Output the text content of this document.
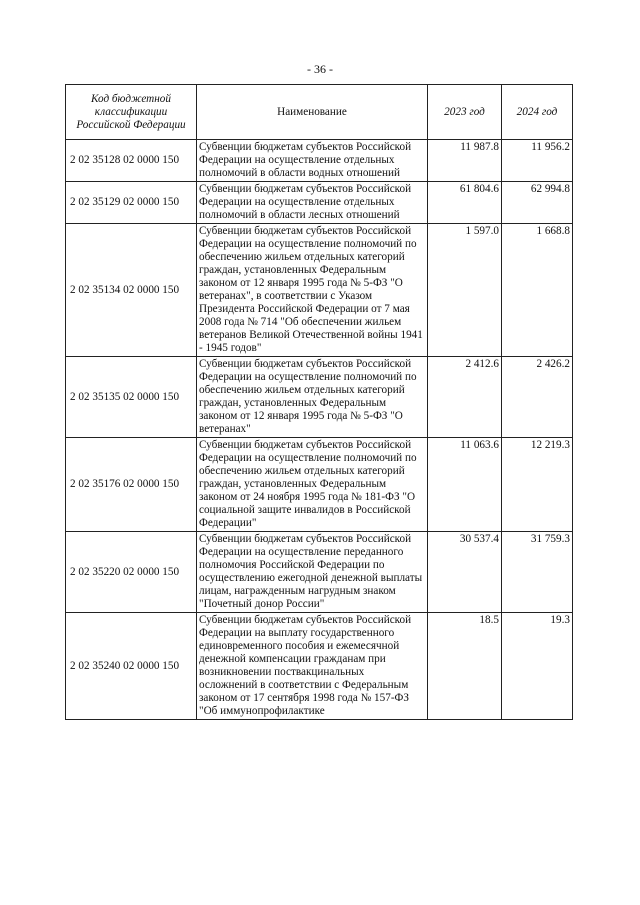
- 36 -
Код бюджетной классификации Российской Федерации	Наименование	2023 год	2024 год
2 02 35128 02 0000 150	Субвенции бюджетам субъектов Российской Федерации на осуществление отдельных полномочий в области водных отношений	11 987.8	11 956.2
2 02 35129 02 0000 150	Субвенции бюджетам субъектов Российской Федерации на осуществление отдельных полномочий в области лесных отношений	61 804.6	62 994.8
2 02 35134 02 0000 150	Субвенции бюджетам субъектов Российской Федерации на осуществление полномочий по обеспечению жильем отдельных категорий граждан, установленных Федеральным законом от 12 января 1995 года № 5-ФЗ "О ветеранах", в соответствии с Указом Президента Российской Федерации от 7 мая 2008 года № 714 "Об обеспечении жильем ветеранов Великой Отечественной войны 1941 - 1945 годов"	1 597.0	1 668.8
2 02 35135 02 0000 150	Субвенции бюджетам субъектов Российской Федерации на осуществление полномочий по обеспечению жильем отдельных категорий граждан, установленных Федеральным законом от 12 января 1995 года № 5-ФЗ "О ветеранах"	2 412.6	2 426.2
2 02 35176 02 0000 150	Субвенции бюджетам субъектов Российской Федерации на осуществление полномочий по обеспечению жильем отдельных категорий граждан, установленных Федеральным законом от 24 ноября 1995 года № 181-ФЗ "О социальной защите инвалидов в Российской Федерации"	11 063.6	12 219.3
2 02 35220 02 0000 150	Субвенции бюджетам субъектов Российской Федерации на осуществление переданного полномочия Российской Федерации по осуществлению ежегодной денежной выплаты лицам, награжденным нагрудным знаком "Почетный донор России"	30 537.4	31 759.3
2 02 35240 02 0000 150	Субвенции бюджетам субъектов Российской Федерации на выплату государственного единовременного пособия и ежемесячной денежной компенсации гражданам при возникновении поствакцинальных осложнений в соответствии с Федеральным законом от 17 сентября 1998 года № 157-ФЗ "Об иммунопрофилактике	18.5	19.3
